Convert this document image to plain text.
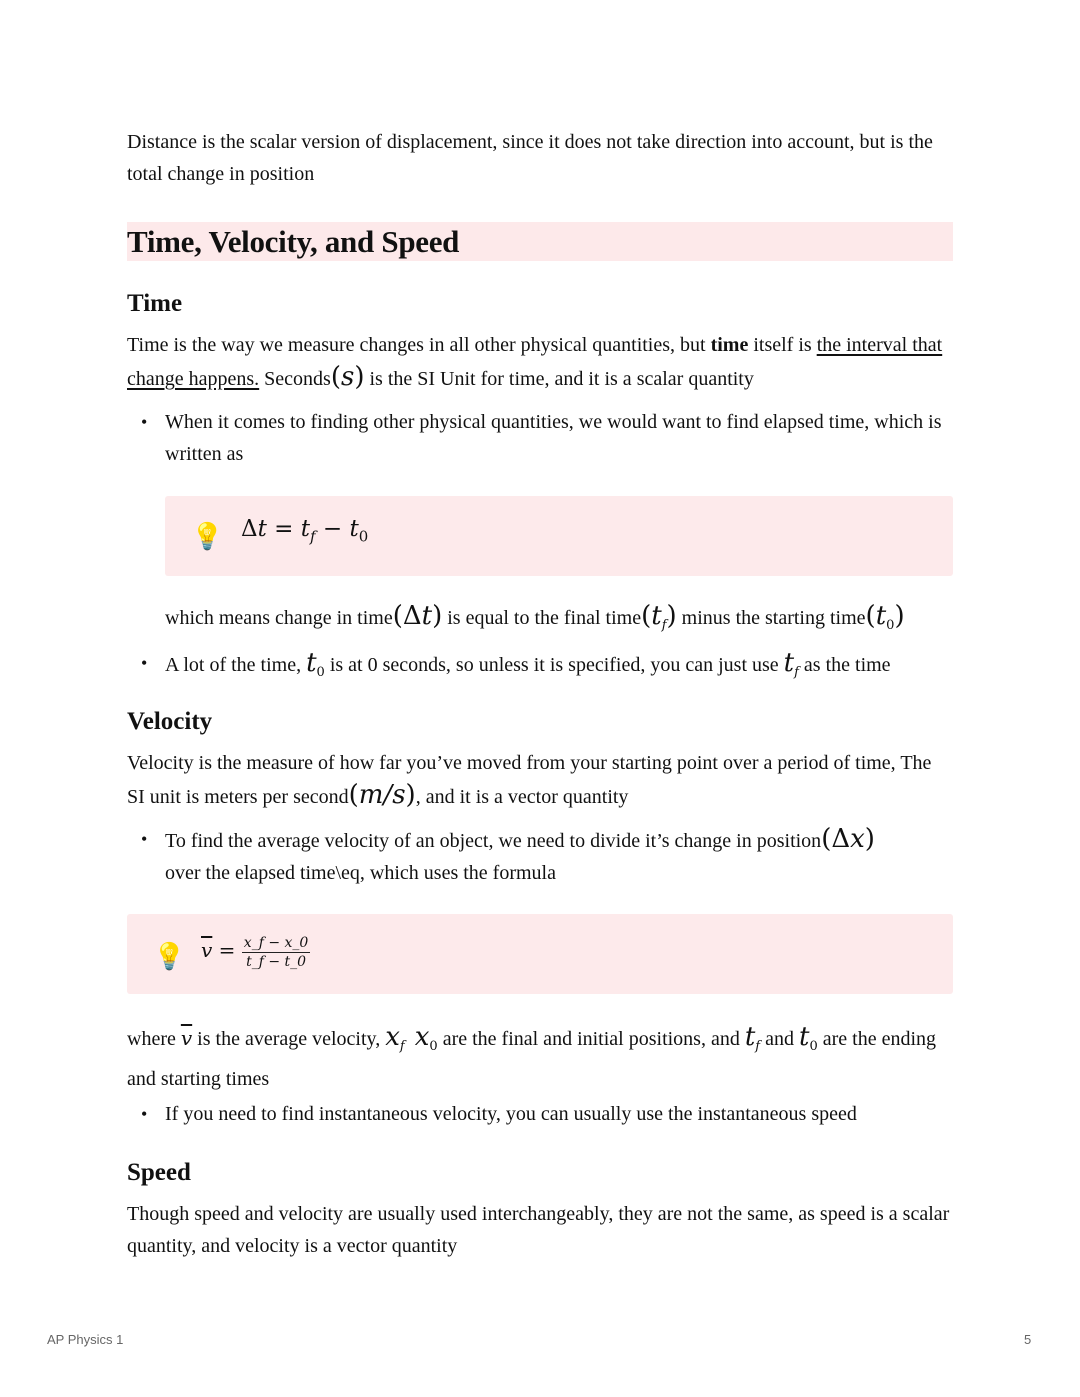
Distance is the scalar version of displacement, since it does not take direction into account, but is the total change in position

Time, Velocity, and Speed
Time

Time is the way we measure changes in all other physical quantities, but time itself is the interval that change happens. Seconds(s) is the SI Unit for time, and it is a scalar quantity

• When it comes to finding other physical quantities, we would want to find elapsed time, which is written as
💡 $\Delta t = t_f - t_0$

which means change in time(Δt) is equal to the final $time(t_f)$ minus the starting $time(t_0)$

• A lot of the time, $t_0$ is at 0 seconds, so unless it is specified, you can just use $t_f$ as the time
Velocity

Velocity is the measure of how far you’ve moved from your starting point over a period of time, The SI unit is meters per second(m/s), and it is a vector quantity

• To find the average velocity of an object, we need to divide it’s change in position(Δx)
over the elapsed time\eq, which uses the formula
💡 $\overline{v} = \frac{x\_f - x\_0}{t\_f - t\_0}$

where $\overline{v}$ is the average velocity, $x_f$ $x_0$ are the final and initial positions, and $t_f$ and $t_0$ are the ending and starting times

• If you need to find instantaneous velocity, you can usually use the instantaneous speed
Speed

Though speed and velocity are usually used interchangeably, they are not the same, as speed is a scalar quantity, and velocity is a vector quantity

AP Physics 1	5
